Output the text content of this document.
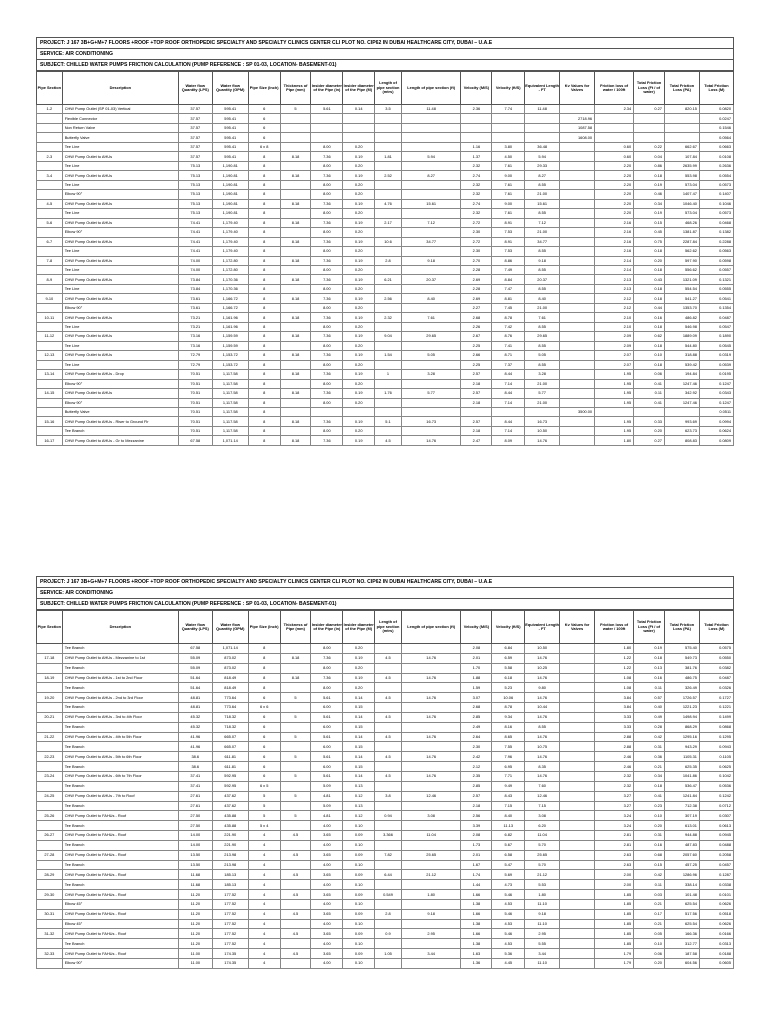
PROJECT: J 167 3B+G+M+7 FLOORS +ROOF +TOP ROOF ORTHOPEDIC SPECIALTY AND SPECIALTY CLINICS CENTER CLI PLOT NO. CIP62 IN DUBAI HEALTHCARE CITY, DUBAI – U.A.E
SERVICE: AIR CONDITIONING
SUBJECT: CHILLED WATER PUMPS FRICTION CALCULATION (PUMP REFERENCE : SP 01-03, LOCATION- BASEMENT-01)
Pipe Section	Description	Water flow Quantity (LPS)	Water flow Quantity (GPM)	Pipe Size (Inch)	Thickness of Pipe (mm)	Insider diameter of the Pipe (in)	Insider diameter of the Pipe (M)	Length of pipe section (mtrs)	Length of pipe section (ft)	Velocity (M/S)	Velocity (ft/S)	Equivalent Length - FT	Kv Values for Valves	Friction loss of water / 100ft	Total Friction Loss (Ft / of water)	Total Friction Loss (PA)	Total Friction Loss (M)
1-2	CHW Pump Outlet (SP 01-03) Vertical	37.57	595.41	6	5	5.61	0.14	3.5	11.48	2.36	7.74	11.48		2.34	0.27	820.15	0.0820
	Flexible Connector	37.57	595.41	6									2718.96				0.0247
	Non Return Valve	37.57	595.41	6									1087.58				0.1546
	Butterfly Valve	37.57	595.41	6									1608.00				0.0564
	Tee Line	37.57	595.41	6 x 8		8.00	0.20			1.16	3.80	36.48		0.60	0.22	662.67	0.0663
2-3	CHW Pump Outlet to AHUs	37.57	595.41	8	8.18	7.36	0.19	1.81	5.94	1.37	4.50	5.94		0.60	0.04	107.84	0.0108
	Tee Line	75.13	1,190.81	8		8.00	0.20			2.32	7.61	29.33		2.20	0.86	2635.99	0.2636
3-4	CHW Pump Outlet to AHUs	75.13	1,190.81	8	8.18	7.36	0.19	2.52	8.27	2.74	9.00	8.27		2.20	0.18	553.98	0.0554
	Tee Line	75.13	1,190.81	8		8.00	0.20			2.32	7.61	8.55		2.20	0.19	573.04	0.0573
	Elbow 90°	75.13	1,190.81	8		8.00	0.20			2.32	7.61	21.00		2.20	0.46	1407.47	0.1407
4-5	CHW Pump Outlet to AHUs	75.13	1,190.81	8	8.18	7.36	0.19	4.76	15.61	2.74	9.00	15.61		2.20	0.34	1046.40	0.1046
	Tee Line	75.13	1,190.81	8		8.00	0.20			2.32	7.61	8.55		2.20	0.19	573.04	0.0573
5-6	CHW Pump Outlet to AHUs	74.41	1,179.40	8	8.18	7.36	0.19	2.17	7.12	2.72	8.91	7.12		2.16	0.15	468.26	0.0468
	Elbow 90°	74.41	1,179.40	8		8.00	0.20			2.30	7.53	21.00		2.16	0.45	1381.87	0.1382
6-7	CHW Pump Outlet to AHUs	74.41	1,179.40	8	8.18	7.36	0.19	10.6	34.77	2.72	8.91	34.77		2.16	0.75	2287.84	0.2288
	Tee Line	74.41	1,179.40	8		8.00	0.20			2.30	7.53	8.55		2.16	0.18	562.62	0.0563
7-8	CHW Pump Outlet to AHUs	74.00	1,172.80	8	8.18	7.36	0.19	2.8	9.18	2.70	8.86	9.18		2.14	0.20	597.90	0.0598
	Tee Line	74.00	1,172.80	8		8.00	0.20			2.28	7.49	8.55		2.14	0.18	556.62	0.0557
8-9	CHW Pump Outlet to AHUs	73.84	1,170.36	8	8.18	7.36	0.19	6.21	20.37	2.69	8.84	20.37		2.13	0.43	1321.09	0.1321
	Tee Line	73.84	1,170.36	8		8.00	0.20			2.28	7.47	8.55		2.13	0.18	554.54	0.0555
9-10	CHW Pump Outlet to AHUs	73.61	1,166.72	8	8.18	7.36	0.19	2.56	8.40	2.69	8.81	8.40		2.12	0.18	541.27	0.0541
	Elbow 90°	73.61	1,166.72	8		8.00	0.20			2.27	7.45	21.00		2.12	0.44	1353.70	0.1354
10-11	CHW Pump Outlet to AHUs	73.21	1,161.96	8	8.18	7.36	0.19	2.32	7.61	2.68	8.78	7.61		2.10	0.16	486.82	0.0487
	Tee Line	73.21	1,161.96	8		8.00	0.20			2.26	7.42	8.55		2.10	0.18	546.98	0.0547
11-12	CHW Pump Outlet to AHUs	73.16	1,159.59	8	8.18	7.36	0.19	9.04	29.65	2.67	8.76	29.65		2.09	0.62	1889.09	0.1890
	Tee Line	73.16	1,159.59	8		8.00	0.20			2.25	7.41	8.55		2.09	0.18	544.80	0.0545
12-13	CHW Pump Outlet to AHUs	72.79	1,153.72	8	8.18	7.36	0.19	1.54	5.05	2.66	8.71	5.05		2.07	0.10	318.88	0.0319
	Tee Line	72.79	1,153.72	8		8.00	0.20			2.25	7.37	8.55		2.07	0.18	539.42	0.0539
13-14	CHW Pump Outlet to AHUs - Drop	70.51	1,117.58	8	8.18	7.36	0.19	1	3.28	2.57	8.44	3.28		1.95	0.06	194.84	0.0195
	Elbow 90°	70.51	1,117.58	8		8.00	0.20			2.18	7.14	21.00		1.95	0.41	1247.46	0.1247
14-15	CHW Pump Outlet to AHUs	70.51	1,117.58	8	8.18	7.36	0.19	1.76	5.77	2.57	8.44	5.77		1.95	0.11	342.92	0.0343
	Elbow 90°	70.51	1,117.58	8		8.00	0.20			2.18	7.14	21.00		1.95	0.41	1247.46	0.1247
	Butterfly Valve	70.51	1,117.58	8									3500.00				0.0511
15-16	CHW Pump Outlet to AHUs - Riser to Ground Flr	70.51	1,117.58	8	8.18	7.36	0.19	5.1	16.73	2.57	8.44	16.73		1.95	0.33	993.69	0.0994
	Tee Branch	70.51	1,117.58	8		8.00	0.20			2.18	7.14	10.50		1.95	0.20	623.73	0.0624
16-17	CHW Pump Outlet to AHUs - Gr to Mezzanine	67.58	1,071.14	8	8.18	7.36	0.19	4.5	14.76	2.47	8.09	14.76		1.80	0.27	808.83	0.0809
PROJECT: J 167 3B+G+M+7 FLOORS +ROOF +TOP ROOF ORTHOPEDIC SPECIALTY AND SPECIALTY CLINICS CENTER CLI PLOT NO. CIP62 IN DUBAI HEALTHCARE CITY, DUBAI – U.A.E
SERVICE: AIR CONDITIONING
SUBJECT: CHILLED WATER PUMPS FRICTION CALCULATION (PUMP REFERENCE : SP 01-03, LOCATION- BASEMENT-01)
Pipe Section	Description	Water flow Quantity (LPS)	Water flow Quantity (GPM)	Pipe Size (Inch)	Thickness of Pipe (mm)	Insider diameter of the Pipe (in)	Insider diameter of the Pipe (M)	Length of pipe section (mtrs)	Length of pipe section (ft)	Velocity (M/S)	Velocity (ft/S)	Equivalent Length - FT	Kv Values for Valves	Friction loss of water / 100ft	Total Friction Loss (Ft / of water)	Total Friction Loss (PA)	Total Friction Loss (M)
	Tee Branch	67.58	1,071.14	8		8.00	0.20			2.08	6.84	10.50		1.80	0.19	575.40	0.0575
17-18	CHW Pump Outlet to AHUs - Mezzanine to 1st	55.09	873.02	8	8.18	7.36	0.19	4.5	14.76	2.01	6.59	14.76		1.22	0.18	549.73	0.0550
	Tee Branch	55.09	873.02	8		8.00	0.20			1.70	5.58	10.25		1.22	0.13	381.76	0.0382
18-19	CHW Pump Outlet to AHUs - 1st to 2nd Floor	51.64	818.49	8	8.18	7.36	0.19	4.5	14.76	1.88	6.18	14.76		1.08	0.16	486.75	0.0487
	Tee Branch	51.64	818.49	8		8.00	0.20			1.59	5.23	9.80		1.08	0.11	326.49	0.0326
19-20	CHW Pump Outlet to AHUs - 2nd to 3rd Floor	48.81	773.64	6	5	5.61	0.14	4.5	14.76	3.07	10.06	14.76		3.84	0.57	1726.57	0.1727
	Tee Branch	48.81	773.64	6 x 6		6.00	0.15			2.68	8.78	10.44		3.84	0.40	1221.23	0.1221
20-21	CHW Pump Outlet to AHUs - 3rd to 4th Floor	45.32	718.32	6	5	5.61	0.14	4.5	14.76	2.85	9.34	14.76		3.33	0.49	1498.94	0.1499
	Tee Branch	45.32	718.32	6		6.00	0.15			2.49	8.16	8.55		3.33	0.28	868.29	0.0868
21-22	CHW Pump Outlet to AHUs - 4th to 5th Floor	41.96	665.07	6	5	5.61	0.14	4.5	14.76	2.64	8.65	14.76		2.88	0.42	1295.16	0.1295
	Tee Branch	41.96	665.07	6		6.00	0.15			2.30	7.55	10.75		2.88	0.31	943.29	0.0943
22-23	CHW Pump Outlet to AHUs - 5th to 6th Floor	38.6	611.81	6	5	5.61	0.14	4.5	14.76	2.42	7.96	14.76		2.46	0.36	1105.31	0.1105
	Tee Branch	38.6	611.81	6		6.00	0.15			2.12	6.95	8.35		2.46	0.21	625.35	0.0625
23-24	CHW Pump Outlet to AHUs - 6th to 7th Floor	37.41	592.95	6	5	5.61	0.14	4.5	14.76	2.35	7.71	14.76		2.32	0.34	1041.86	0.1042
	Tee Branch	37.41	592.95	6 x 5		5.09	0.13			2.85	9.49	7.60		2.32	0.18	536.47	0.0536
24-25	CHW Pump Outlet to AHUs - 7th to Roof	27.61	437.62	5	5	4.81	0.12	3.8	12.46	2.57	8.43	12.46		3.27	0.41	1241.84	0.1242
	Tee Branch	27.61	437.62	5		5.09	0.13			2.18	7.15	7.15		3.27	0.23	712.38	0.0712
25-26	CHW Pump Outlet to FAHUs - Roof	27.50	435.88	5	5	4.81	0.12	0.94	3.08	2.56	8.40	3.08		3.24	0.10	307.19	0.0307
	Tee Branch	27.50	435.88	5 x 4		4.00	0.10			3.39	11.13	6.20		3.24	0.20	613.01	0.0613
26-27	CHW Pump Outlet to FAHUs - Roof	14.00	221.90	4	4.5	3.65	0.09	3.366	11.04	2.08	6.82	11.04		2.81	0.31	944.88	0.0945
	Tee Branch	14.00	221.90	4		4.00	0.10			1.73	5.67	5.70		2.81	0.16	487.83	0.0488
27-28	CHW Pump Outlet to FAHUs - Roof	13.50	213.98	4	4.5	3.65	0.09	7.82	25.65	2.01	6.58	25.65		2.63	0.68	2057.60	0.2058
	Tee Branch	13.50	213.98	4		4.00	0.10			1.67	5.47	5.70		2.63	0.15	457.25	0.0457
28-29	CHW Pump Outlet to FAHUs - Roof	11.68	185.13	4	4.5	3.65	0.09	6.44	21.12	1.74	5.69	21.12		2.00	0.42	1286.96	0.1287
	Tee Branch	11.68	185.13	4		4.00	0.10			1.44	4.73	5.53		2.00	0.11	338.14	0.0338
29-30	CHW Pump Outlet to FAHUs - Roof	11.20	177.52	4	4.5	3.65	0.09	0.549	1.80	1.66	5.46	1.80		1.85	0.03	101.48	0.0101
	Elbow 45°	11.20	177.52	4		4.00	0.10			1.38	4.53	11.10		1.85	0.21	625.54	0.0626
30-31	CHW Pump Outlet to FAHUs - Roof	11.20	177.52	4	4.5	3.65	0.09	2.8	9.18	1.66	5.46	9.18		1.85	0.17	517.56	0.0518
	Elbow 45°	11.20	177.52	4		4.00	0.10			1.38	4.53	11.10		1.85	0.21	625.54	0.0626
31-32	CHW Pump Outlet to FAHUs - Roof	11.20	177.52	4	4.5	3.65	0.09	0.9	2.95	1.66	5.46	2.95		1.85	0.05	166.36	0.0166
	Tee Branch	11.20	177.52	4		4.00	0.10			1.38	4.53	5.55		1.85	0.10	312.77	0.0313
32-33	CHW Pump Outlet to FAHUs - Roof	11.00	174.35	4	4.5	3.65	0.09	1.05	3.44	1.63	5.36	3.44		1.79	0.06	187.58	0.0188
	Elbow 90°	11.00	174.35	4		4.00	0.10			1.36	4.45	11.10		1.79	0.20	604.56	0.0605
